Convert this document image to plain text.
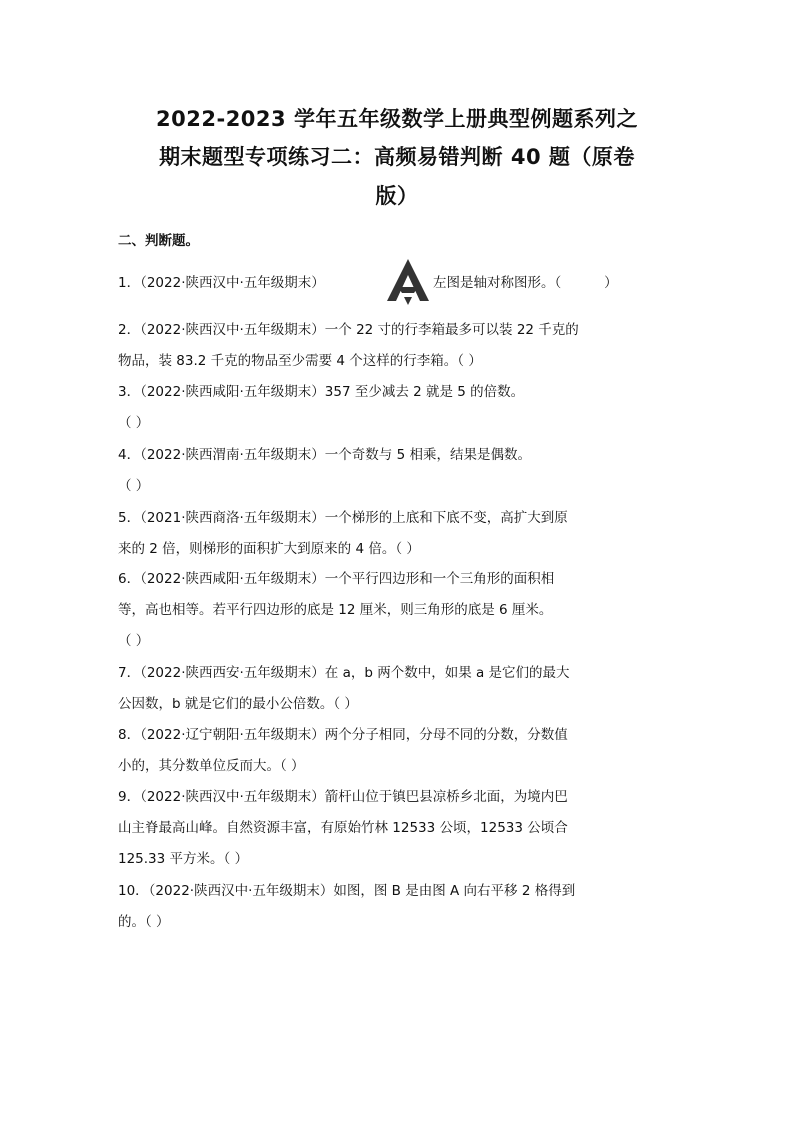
2022-2023 学年五年级数学上册典型例题系列之

期末题型专项练习二：高频易错判断 40 题（原卷

版）

二、判断题。

1．（2022·陕西汉中·五年级期末）	左图是轴对称图形。（          ）
2．（2022·陕西汉中·五年级期末）一个 22 寸的行李箱最多可以装 22 千克的
物品，装 83.2 千克的物品至少需要 4 个这样的行李箱。（ ）
3．（2022·陕西咸阳·五年级期末）357 至少减去 2 就是 5 的倍数。
（ ）
4．（2022·陕西渭南·五年级期末）一个奇数与 5 相乘，结果是偶数。
（ ）
5．（2021·陕西商洛·五年级期末）一个梯形的上底和下底不变，高扩大到原
来的 2 倍，则梯形的面积扩大到原来的 4 倍。（ ）
6．（2022·陕西咸阳·五年级期末）一个平行四边形和一个三角形的面积相
等，高也相等。若平行四边形的底是 12 厘米，则三角形的底是 6 厘米。
（ ）
7．（2022·陕西西安·五年级期末）在 a，b 两个数中，如果 a 是它们的最大
公因数，b 就是它们的最小公倍数。（ ）
8．（2022·辽宁朝阳·五年级期末）两个分子相同，分母不同的分数，分数值
小的，其分数单位反而大。（ ）
9．（2022·陕西汉中·五年级期末）箭杆山位于镇巴县凉桥乡北面，为境内巴
山主脊最高山峰。自然资源丰富，有原始竹林 12533 公顷，12533 公顷合
125.33 平方米。（ ）
10．（2022·陕西汉中·五年级期末）如图，图 B 是由图 A 向右平移 2 格得到
的。（ ）
